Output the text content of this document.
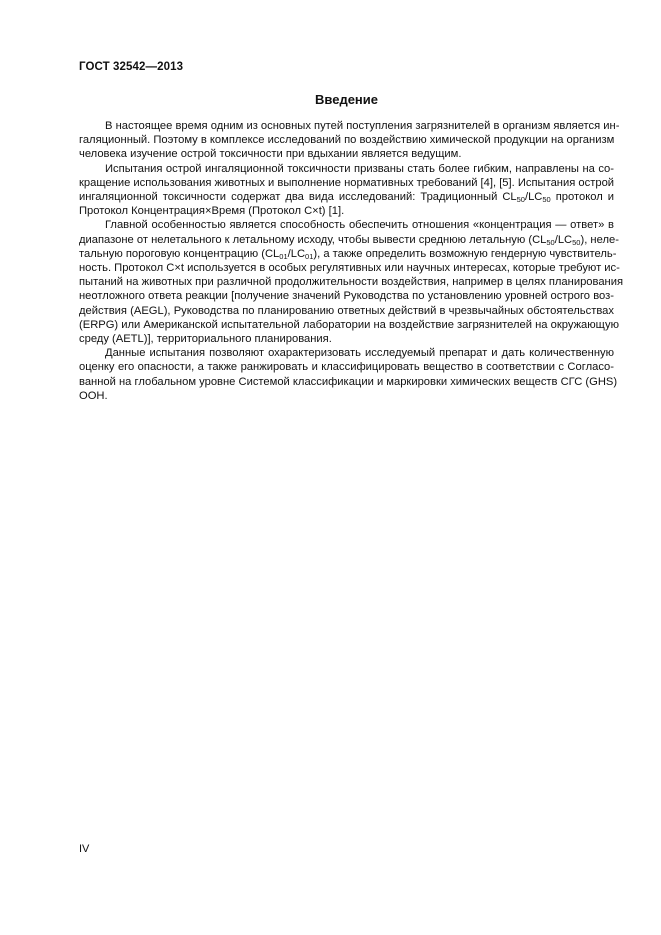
ГОСТ 32542—2013
Введение
В настоящее время одним из основных путей поступления загрязнителей в организм является ин-
галяционный. Поэтому в комплексе исследований по воздействию химической продукции на организм
человека изучение острой токсичности при вдыхании является ведущим.
Испытания острой ингаляционной токсичности призваны стать более гибким, направлены на со-
кращение использования животных и выполнение нормативных требований [4], [5]. Испытания острой
ингаляционной токсичности содержат два вида исследований: Традиционный $CL_{50}/LC_{50}$ протокол и
Протокол Концентрация×Время (Протокол C×t) [1].
Главной особенностью является способность обеспечить отношения «концентрация — ответ» в
диапазоне от нелетального к летальному исходу, чтобы вывести среднюю летальную $(CL_{50}/LC_{50})$, неле-
тальную пороговую концентрацию $(CL_{01}/LC_{01})$, а также определить возможную гендерную чувствитель-
ность. Протокол C×t используется в особых регулятивных или научных интересах, которые требуют ис-
пытаний на животных при различной продолжительности воздействия, например в целях планирования
неотложного ответа реакции [получение значений Руководства по установлению уровней острого воз-
действия (AEGL), Руководства по планированию ответных действий в чрезвычайных обстоятельствах
(ERPG) или Американской испытательной лаборатории на воздействие загрязнителей на окружающую
среду (AETL)], территориального планирования.
Данные испытания позволяют охарактеризовать исследуемый препарат и дать количественную
оценку его опасности, а также ранжировать и классифицировать вещество в соответствии с Согласо-
ванной на глобальном уровне Системой классификации и маркировки химических веществ СГС (GHS)
ООН.
IV
